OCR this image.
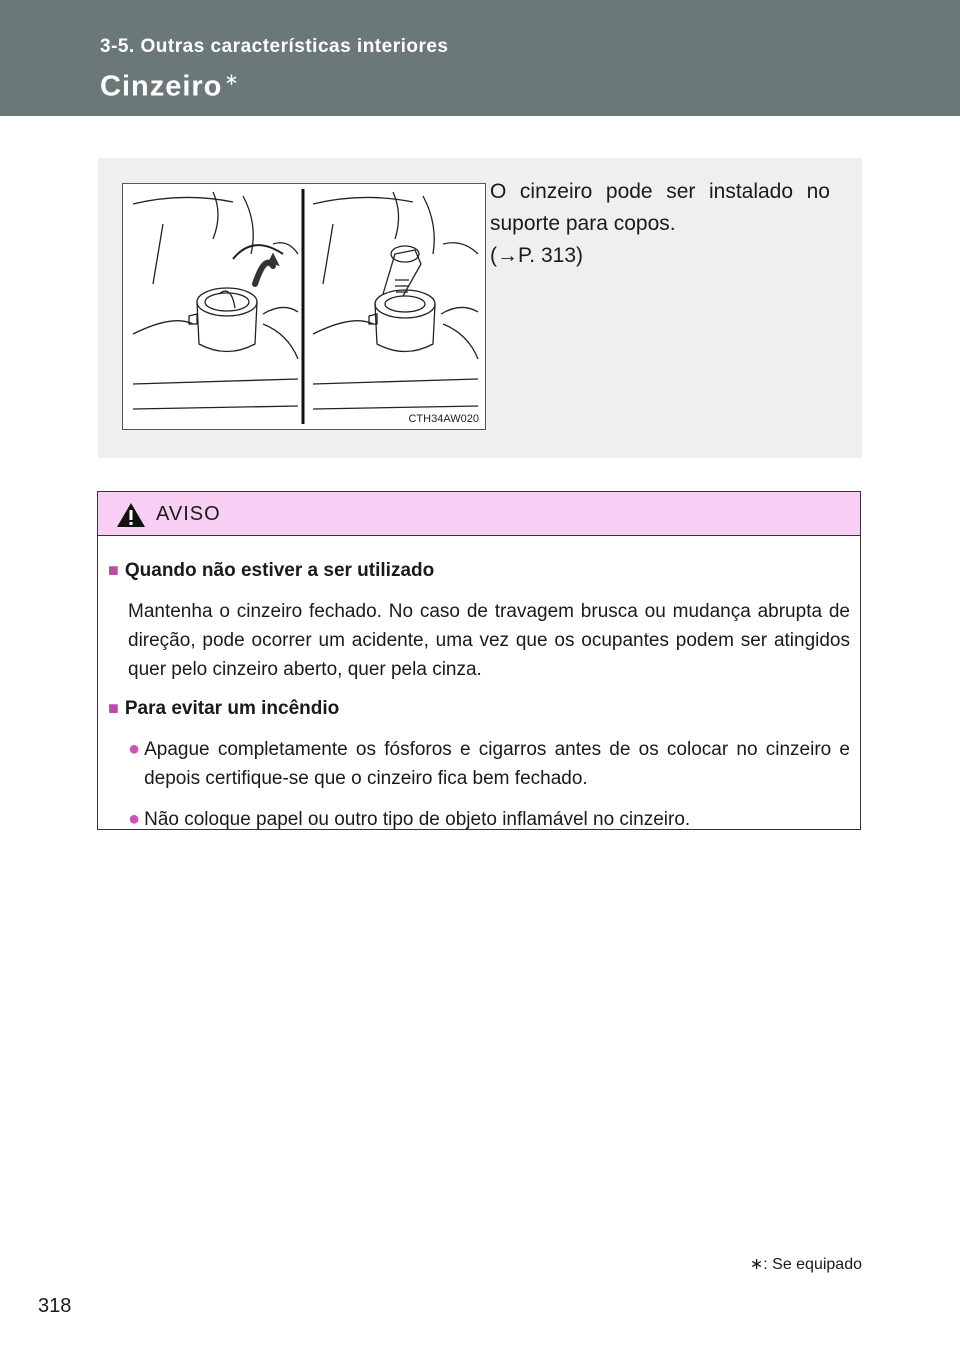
3-5. Outras características interiores
Cinzeiro ∗
CTH34AW020
O cinzeiro pode ser instalado no suporte para copos.
(→P. 313)
AVISO
■ Quando não estiver a ser utilizado
Mantenha o cinzeiro fechado. No caso de travagem brusca ou mudança abrupta de direção, pode ocorrer um acidente, uma vez que os ocupantes podem ser atingidos quer pelo cinzeiro aberto, quer pela cinza.
■ Para evitar um incêndio
● Apague completamente os fósforos e cigarros antes de os colocar no cinzeiro e depois certifique-se que o cinzeiro fica bem fechado.
● Não coloque papel ou outro tipo de objeto inflamável no cinzeiro.
∗: Se equipado
318
